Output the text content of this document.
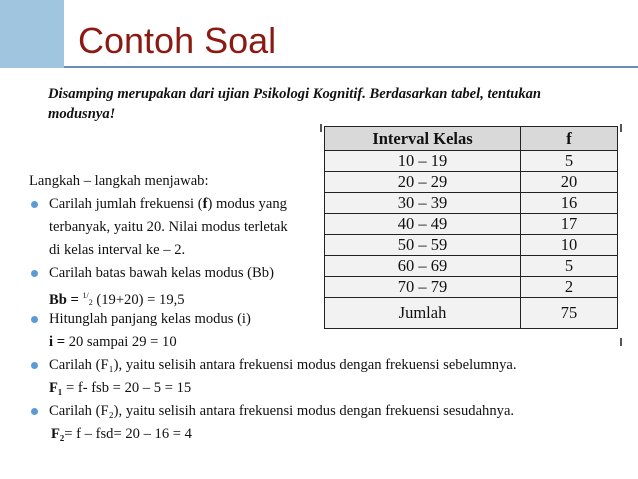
Contoh Soal
Disamping merupakan dari ujian Psikologi Kognitif. Berdasarkan tabel, tentukan modusnya!
Interval Kelas	f
10 – 19	5
20 – 29	20
30 – 39	16
40 – 49	17
50 – 59	10
60 – 69	5
70 – 79	2
Jumlah	75
Langkah – langkah menjawab:
Carilah jumlah frekuensi (f) modus yang
terbanyak, yaitu 20. Nilai modus terletak
di kelas interval ke – 2.
Carilah batas bawah kelas modus (Bb)
Bb = $^{1/}$2 (19+20) = 19,5
Hitunglah panjang kelas modus (i)
i = 20 sampai 29 = 10
Carilah (F₁), yaitu selisih antara frekuensi modus dengan frekuensi sebelumnya.
F₁ = f- fsb = 20 – 5 = 15
Carilah (F₂), yaitu selisih antara frekuensi modus dengan frekuensi sesudahnya.
F₂= f – fsd= 20 – 16 = 4
